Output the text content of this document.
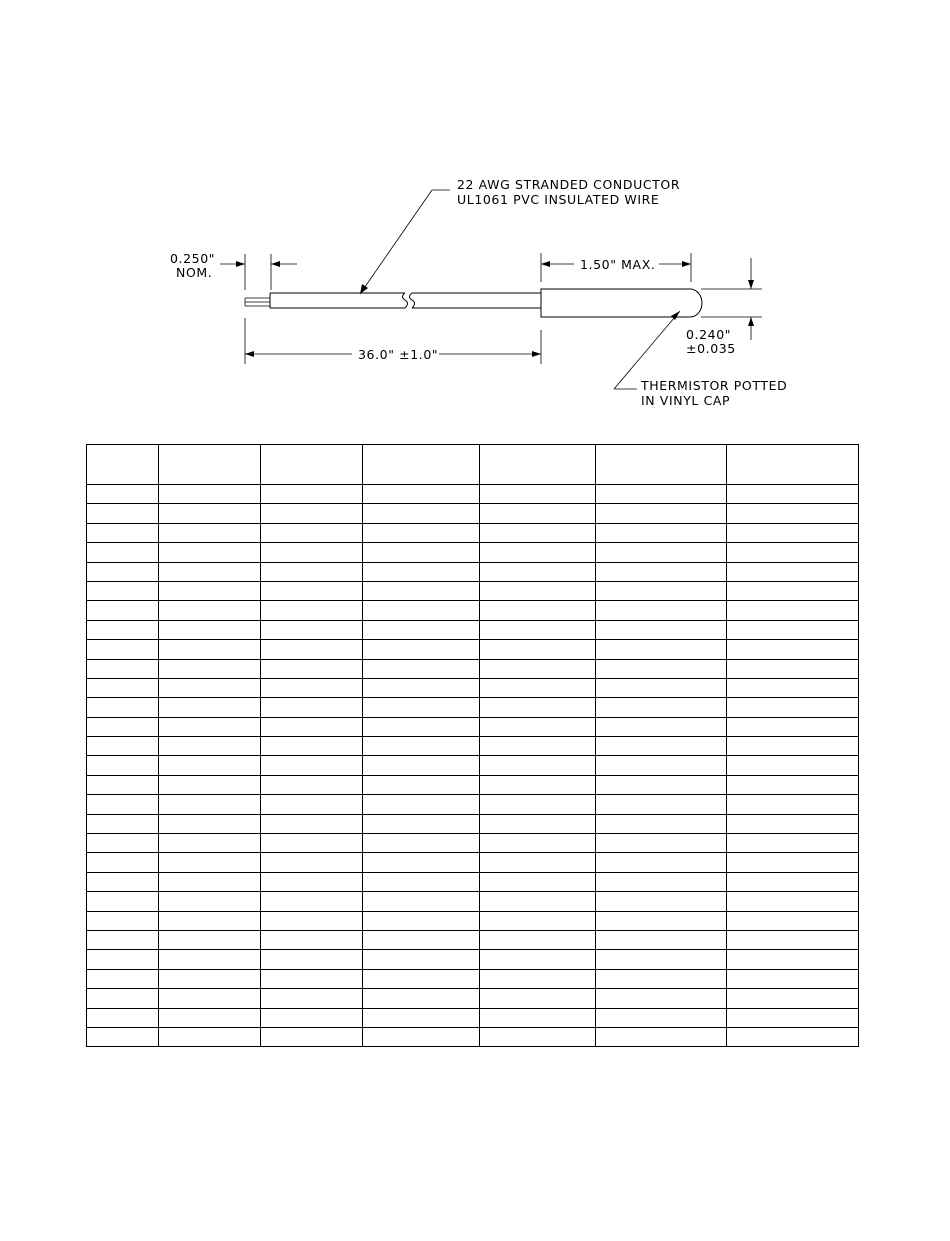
0.250"
NOM.
1.50" MAX.
0.240"
±0.035
36.0" ±1.0"
22 AWG STRANDED CONDUCTOR
UL1061 PVC INSULATED WIRE
THERMISTOR POTTED
IN VINYL CAP
